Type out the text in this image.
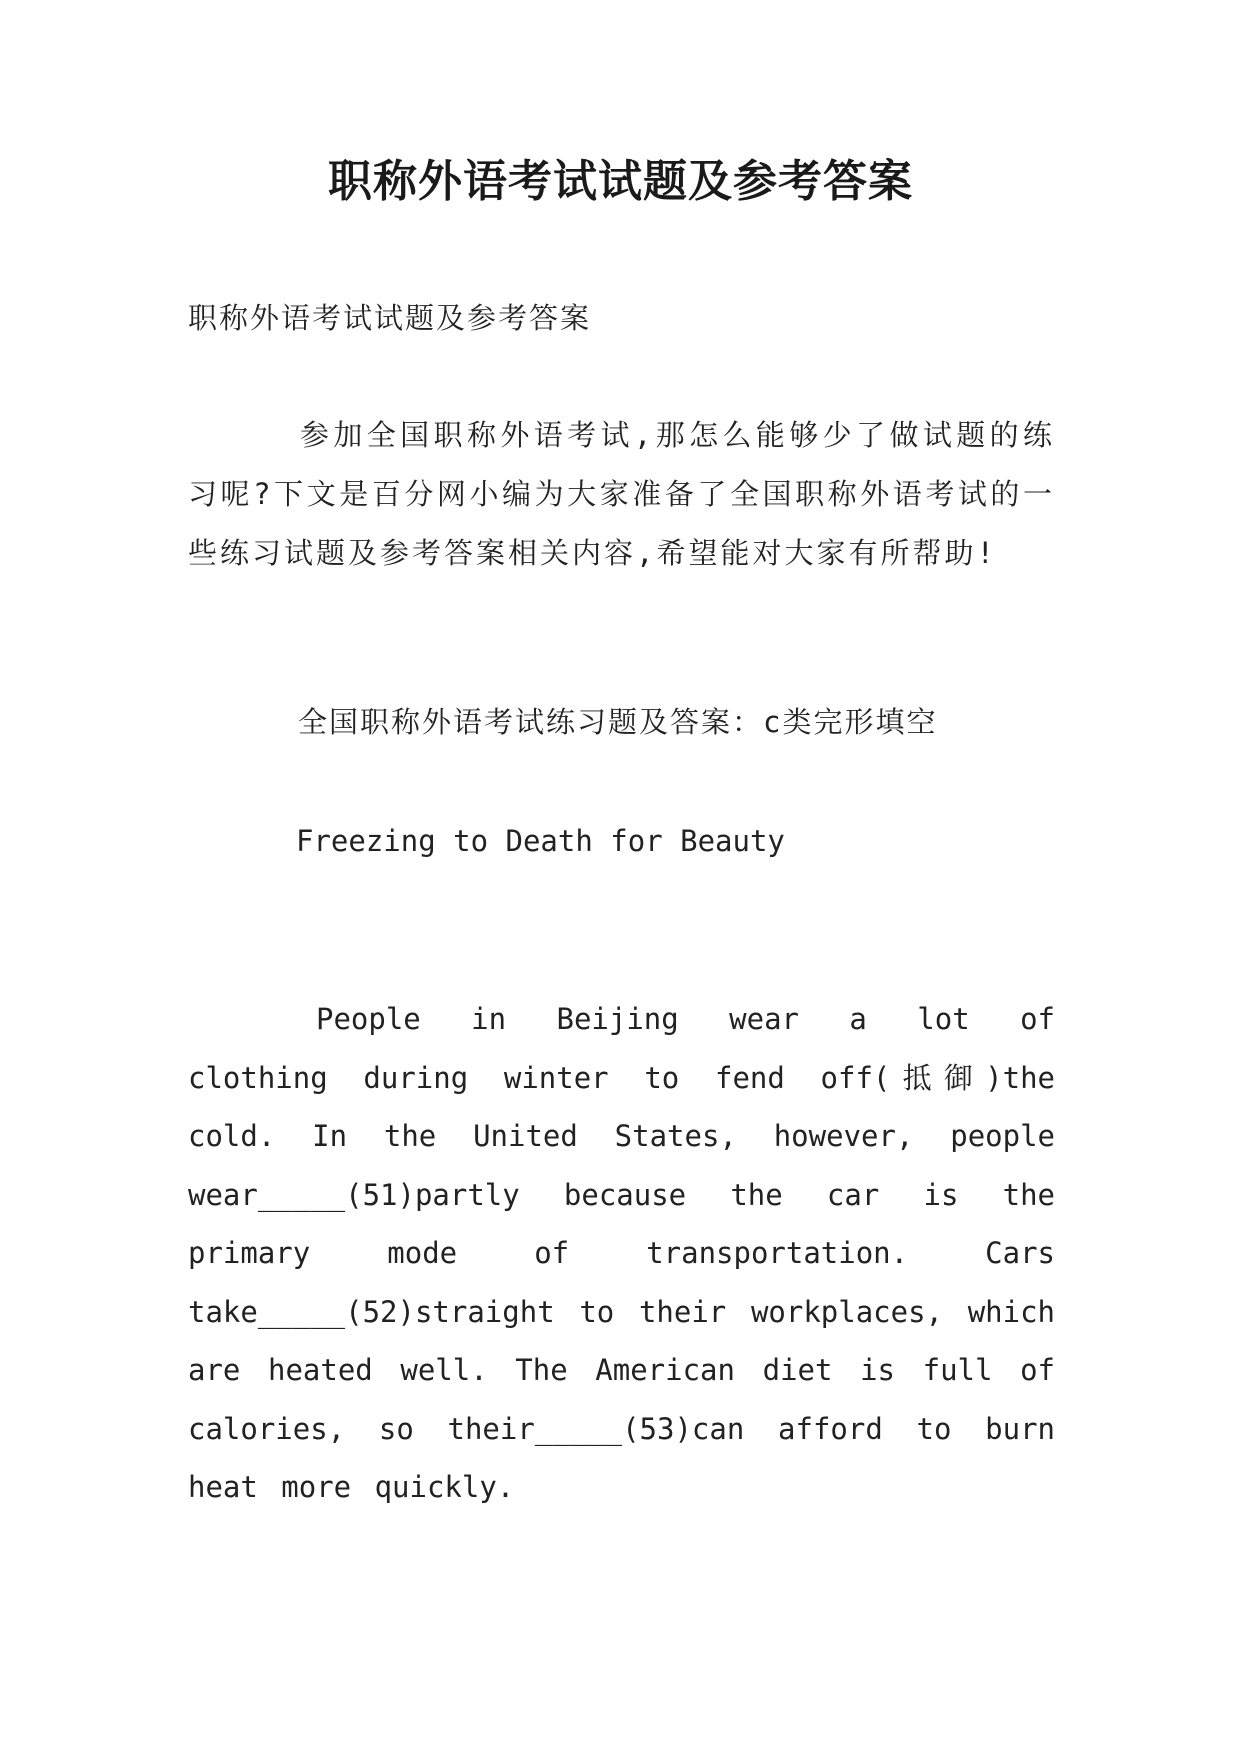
职称外语考试试题及参考答案

职称外语考试试题及参考答案

参加全国职称外语考试,那怎么能够少了做试题的练习呢?下文是百分网小编为大家准备了全国职称外语考试的一些练习试题及参考答案相关内容,希望能对大家有所帮助!

全国职称外语考试练习题及答案：c类完形填空

Freezing to Death for Beauty

People in Beijing wear a lot of clothing during winter to fend off(抵御)the cold. In the United States, however, people wear_____(51)partly because the car is the primary mode of transportation. Cars take_____(52)straight to their workplaces, which are heated well. The American diet is full of calories, so their_____(53)can afford to burn heat more quickly.
